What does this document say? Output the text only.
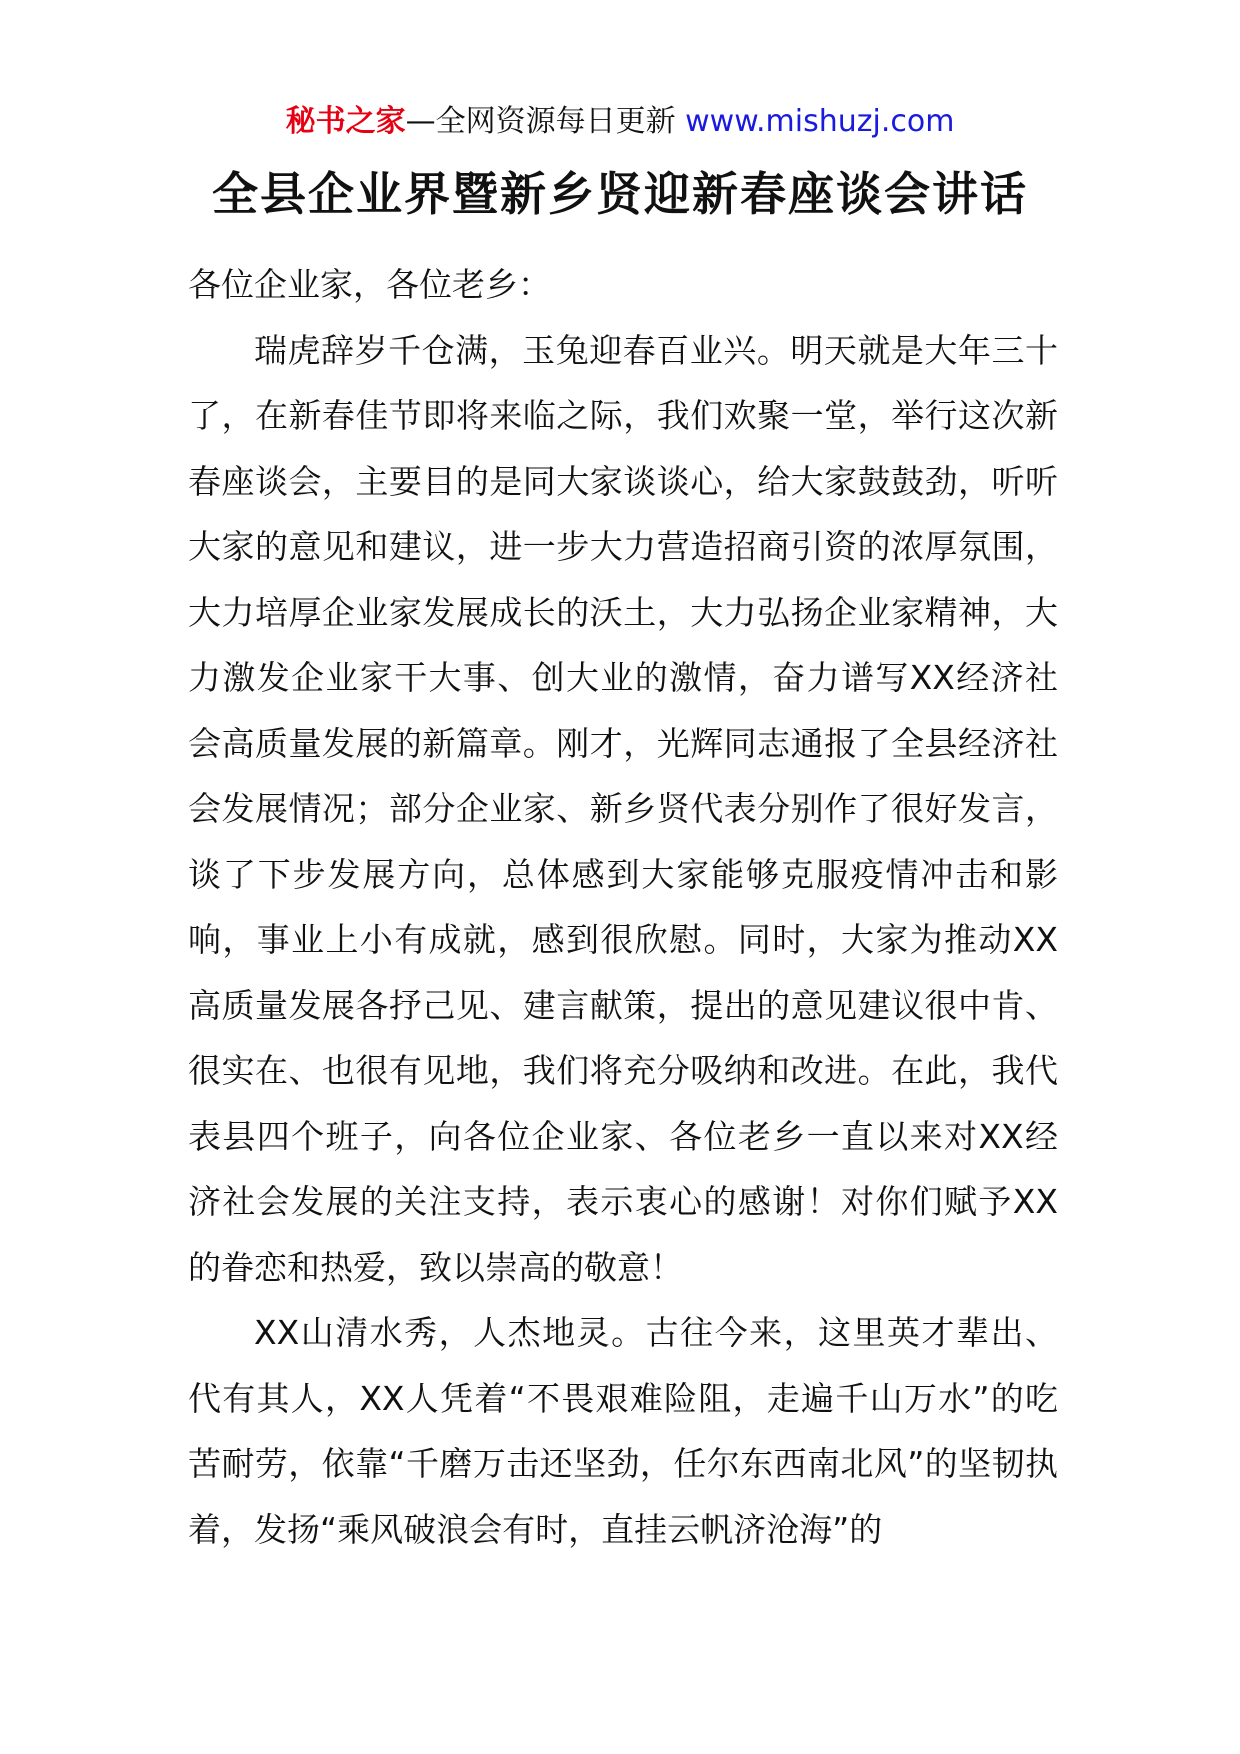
秘书之家—全网资源每日更新 www.mishuzj.com
全县企业界暨新乡贤迎新春座谈会讲话

各位企业家，各位老乡：

瑞虎辞岁千仓满，玉兔迎春百业兴。明天就是大年三十了，在新春佳节即将来临之际，我们欢聚一堂，举行这次新春座谈会，主要目的是同大家谈谈心，给大家鼓鼓劲，听听大家的意见和建议，进一步大力营造招商引资的浓厚氛围，大力培厚企业家发展成长的沃土，大力弘扬企业家精神，大力激发企业家干大事、创大业的激情，奋力谱写XX经济社会高质量发展的新篇章。刚才，光辉同志通报了全县经济社会发展情况；部分企业家、新乡贤代表分别作了很好发言，谈了下步发展方向，总体感到大家能够克服疫情冲击和影响，事业上小有成就，感到很欣慰。同时，大家为推动XX高质量发展各抒己见、建言献策，提出的意见建议很中肯、很实在、也很有见地，我们将充分吸纳和改进。在此，我代表县四个班子，向各位企业家、各位老乡一直以来对XX经济社会发展的关注支持，表示衷心的感谢！对你们赋予XX的眷恋和热爱，致以崇高的敬意！

XX山清水秀，人杰地灵。古往今来，这里英才辈出、代有其人，XX人凭着“不畏艰难险阻，走遍千山万水”的吃苦耐劳，依靠“千磨万击还坚劲，任尔东西南北风”的坚韧执着，发扬“乘风破浪会有时，直挂云帆济沧海”的
